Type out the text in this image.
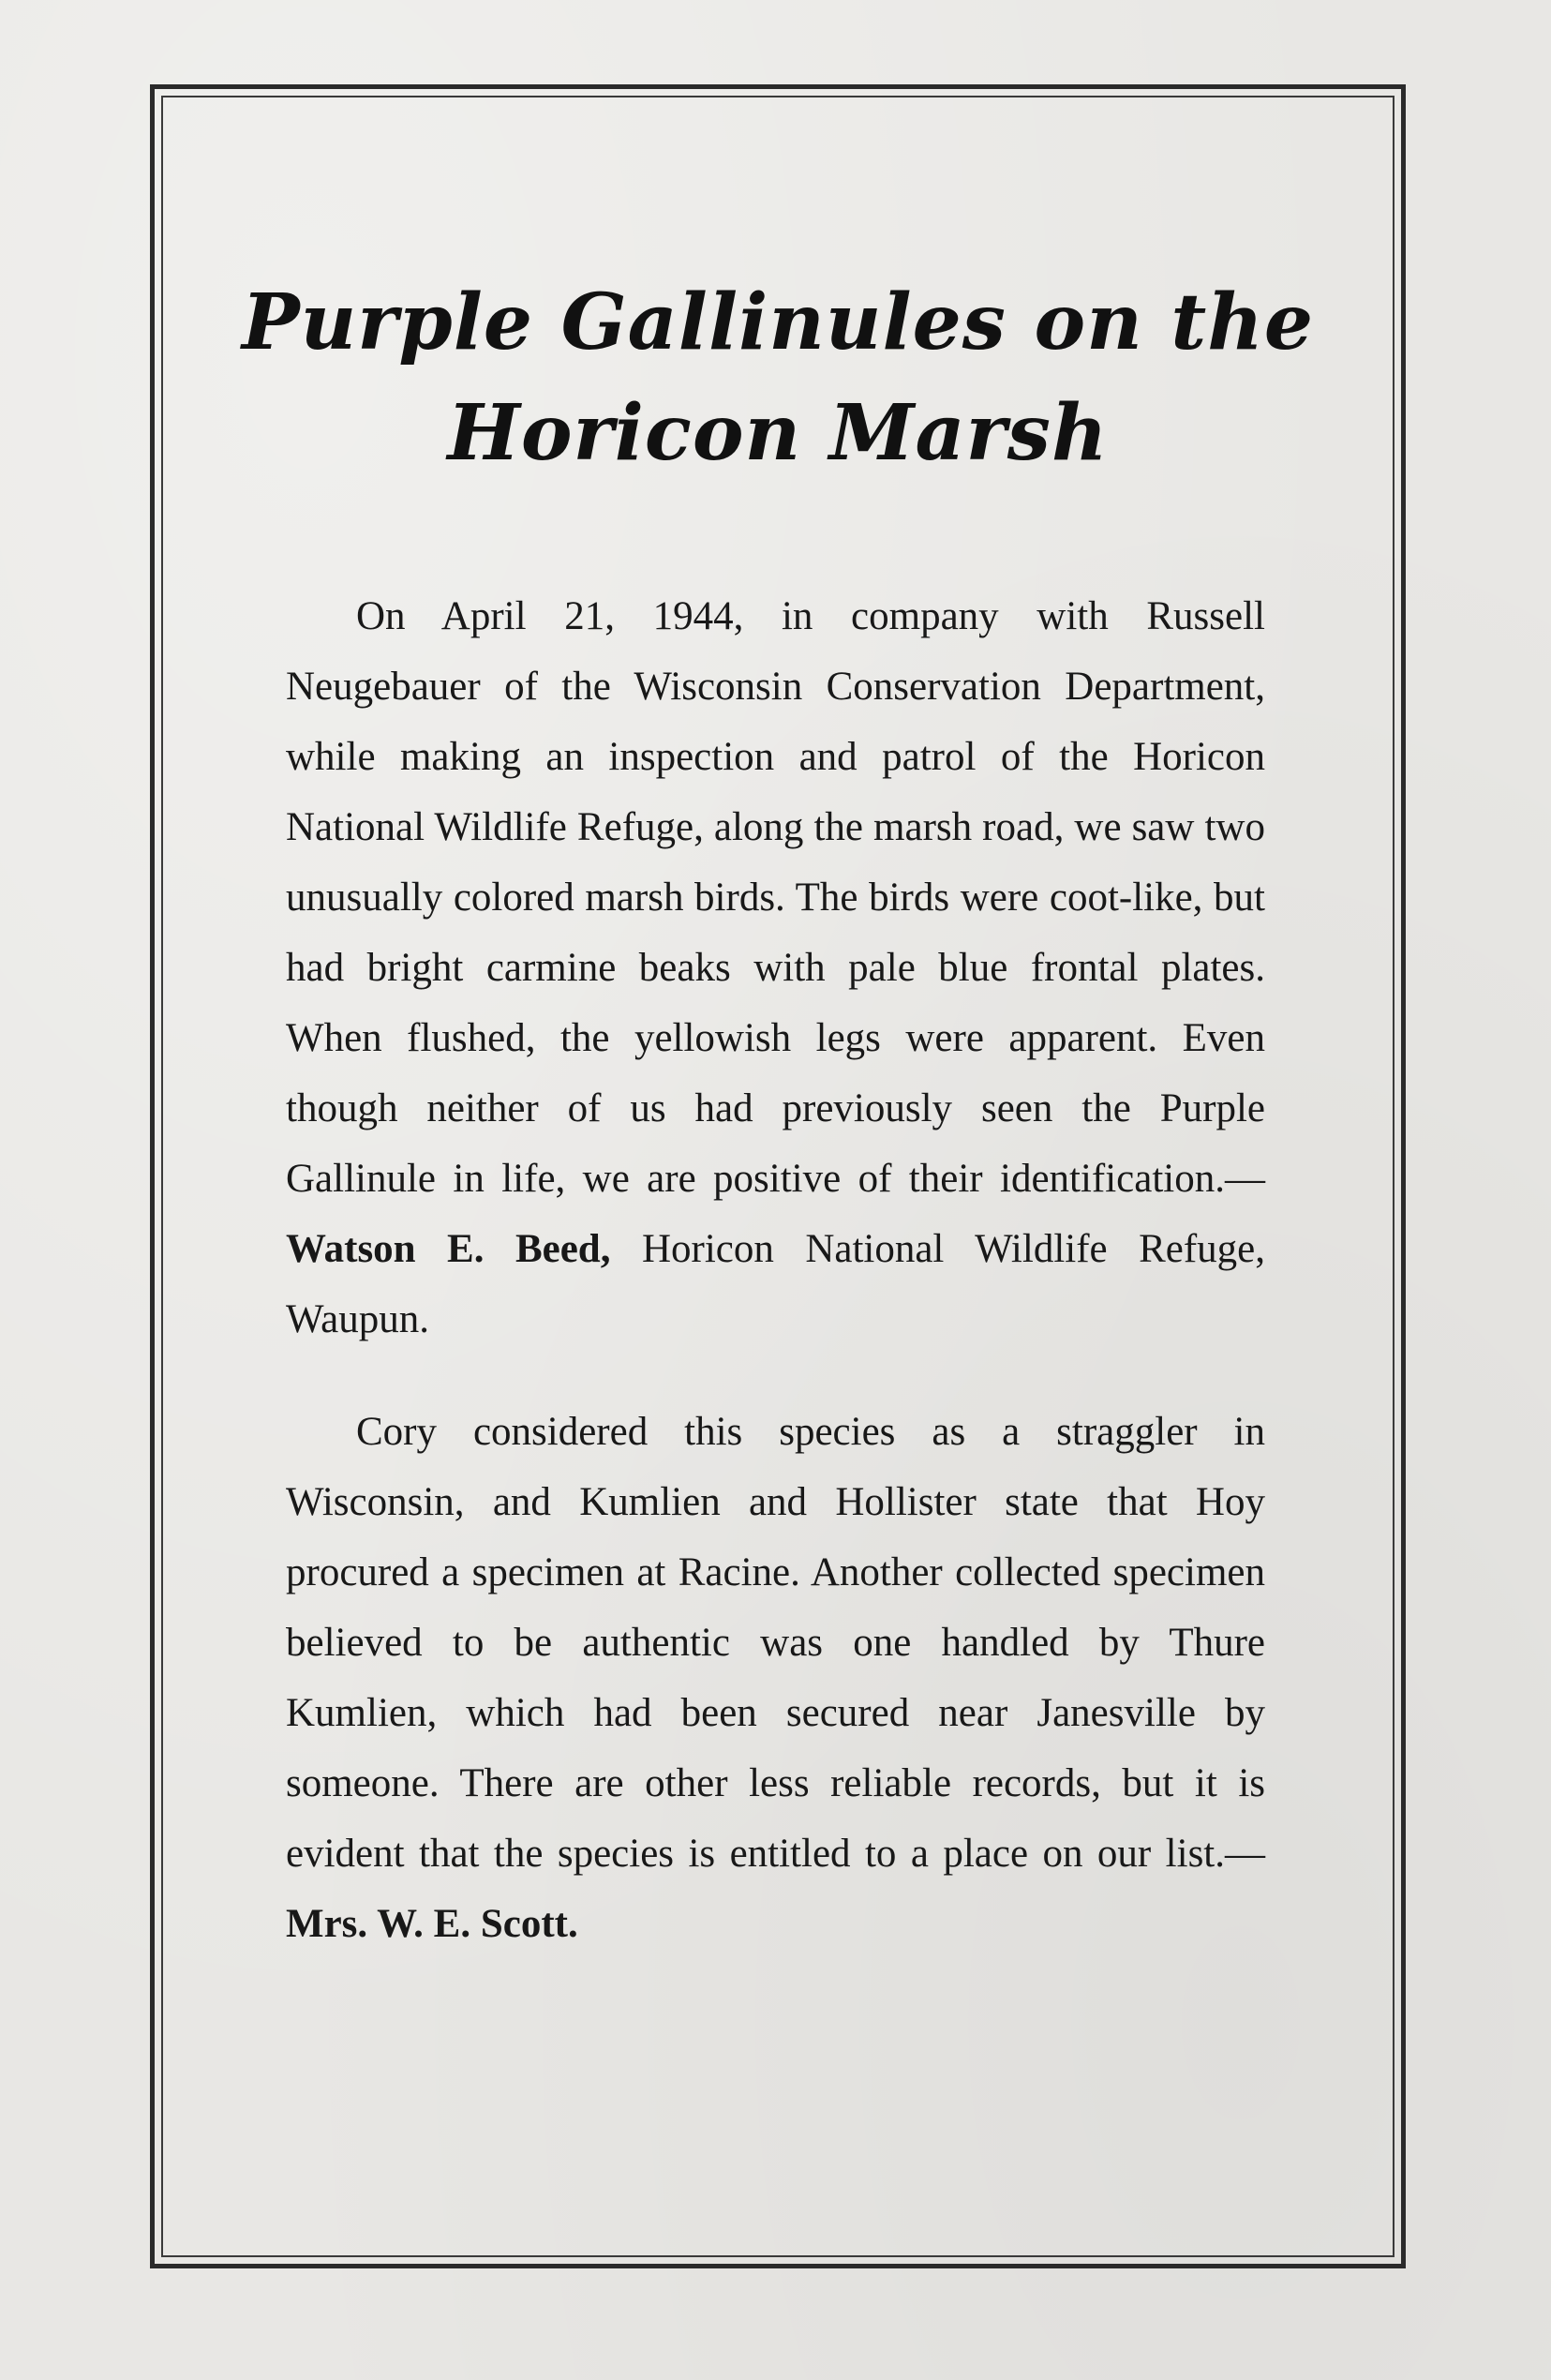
Purple Gallinules on the
Horicon Marsh

On April 21, 1944, in company with Russell Neugebauer of the Wisconsin Conservation Department, while making an inspection and patrol of the Horicon National Wildlife Refuge, along the marsh road, we saw two unusually colored marsh birds. The birds were coot-like, but had bright carmine beaks with pale blue frontal plates. When flushed, the yellowish legs were apparent. Even though neither of us had previously seen the Purple Gallinule in life, we are positive of their identification.—Watson E. Beed, Horicon National Wildlife Refuge, Waupun.

Cory considered this species as a straggler in Wisconsin, and Kumlien and Hollister state that Hoy procured a specimen at Racine. Another collected specimen believed to be authentic was one handled by Thure Kumlien, which had been secured near Janesville by someone. There are other less reliable records, but it is evident that the species is entitled to a place on our list.—Mrs. W. E. Scott.
